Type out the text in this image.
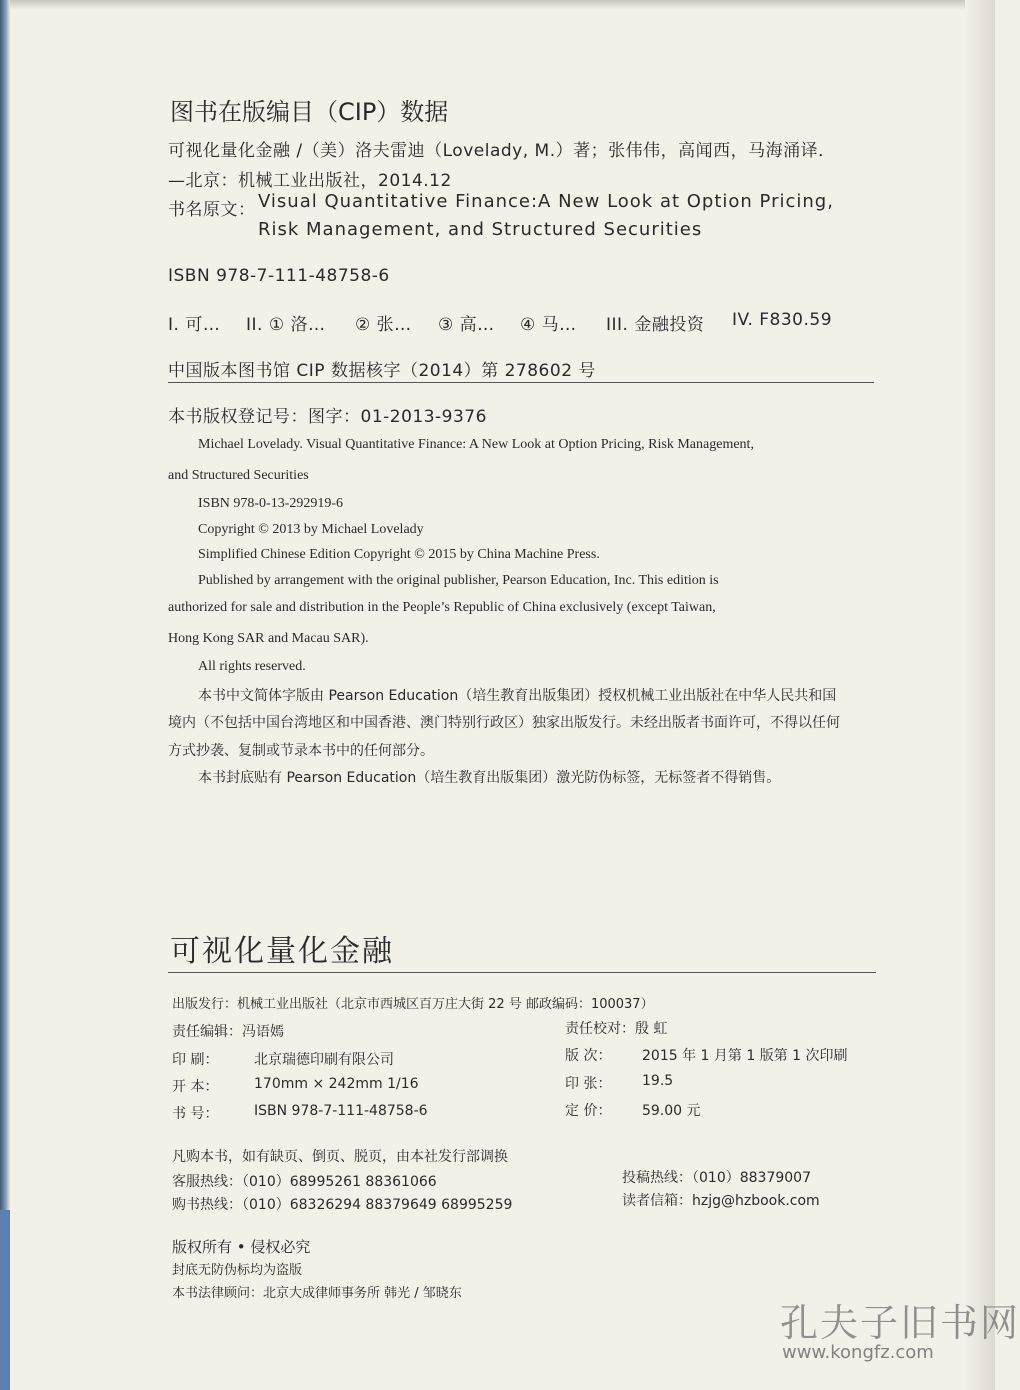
图书在版编目（CIP）数据
可视化量化金融 /（美）洛夫雷迪（Lovelady, M.）著；张伟伟，高闻西，马海涌译．
—北京：机械工业出版社，2014.12
书名原文： Visual Quantitative Finance:A New Look at Option Pricing,
Risk Management, and Structured Securities
ISBN 978-7-111-48758-6
I. 可… II. ① 洛… ② 张… ③ 高… ④ 马… III. 金融投资 IV. F830.59
中国版本图书馆 CIP 数据核字（2014）第 278602 号
本书版权登记号：图字：01-2013-9376
Michael Lovelady. Visual Quantitative Finance: A New Look at Option Pricing, Risk Management,
and Structured Securities
ISBN 978-0-13-292919-6
Copyright © 2013 by Michael Lovelady
Simplified Chinese Edition Copyright © 2015 by China Machine Press.
Published by arrangement with the original publisher, Pearson Education, Inc. This edition is
authorized for sale and distribution in the People’s Republic of China exclusively (except Taiwan,
Hong Kong SAR and Macau SAR).
All rights reserved.
本书中文简体字版由 Pearson Education（培生教育出版集团）授权机械工业出版社在中华人民共和国
境内（不包括中国台湾地区和中国香港、澳门特别行政区）独家出版发行。未经出版者书面许可，不得以任何
方式抄袭、复制或节录本书中的任何部分。
本书封底贴有 Pearson Education（培生教育出版集团）激光防伪标签，无标签者不得销售。
可视化量化金融
出版发行：机械工业出版社（北京市西城区百万庄大街 22 号 邮政编码：100037）
责任编辑：冯语嫣	责任校对：殷 虹
印 刷：	北京瑞德印刷有限公司	版 次： 2015 年 1 月第 1 版第 1 次印刷
开 本：	170mm × 242mm 1/16	印 张： 19.5
书 号：	ISBN 978-7-111-48758-6	定 价： 59.00 元
凡购本书，如有缺页、倒页、脱页，由本社发行部调换
客服热线：（010）68995261 88361066
购书热线：（010）68326294 88379649 68995259
投稿热线：（010）88379007
读者信箱：hzjg@hzbook.com
版权所有 • 侵权必究
封底无防伪标均为盗版
本书法律顾问：北京大成律师事务所 韩光 / 邹晓东
孔夫子旧书网
www.kongfz.com
